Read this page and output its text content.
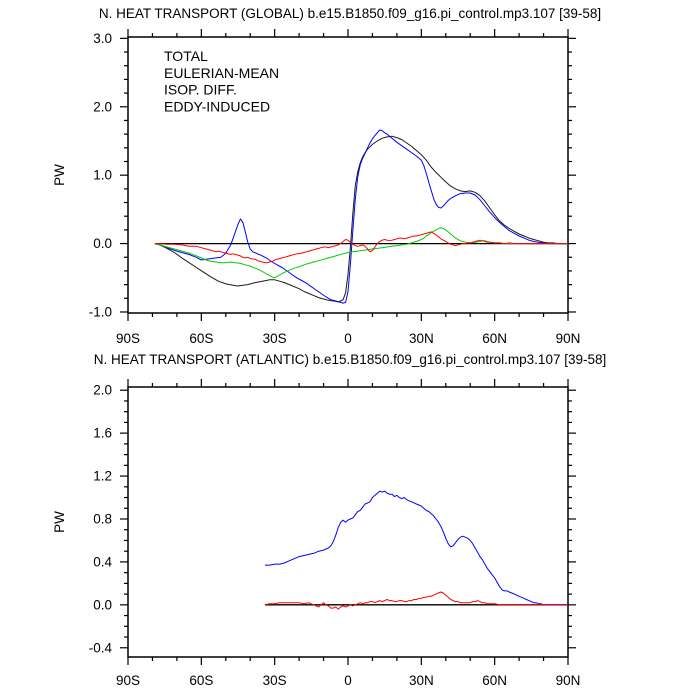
N. HEAT TRANSPORT (GLOBAL) b.e15.B1850.f09_g16.pi_control.mp3.107 [39-58]
N. HEAT TRANSPORT (ATLANTIC) b.e15.B1850.f09_g16.pi_control.mp3.107 [39-58]
90S	60S	30S	0	30N	60N	90N
3.0
2.0
1.0
0.0
-1.0
PW
TOTAL
EULERIAN-MEAN
ISOP. DIFF.
EDDY-INDUCED
90S	60S	30S	0	30N	60N	90N
2.0
1.6
1.2
0.8
0.4
0.0
-0.4
PW
